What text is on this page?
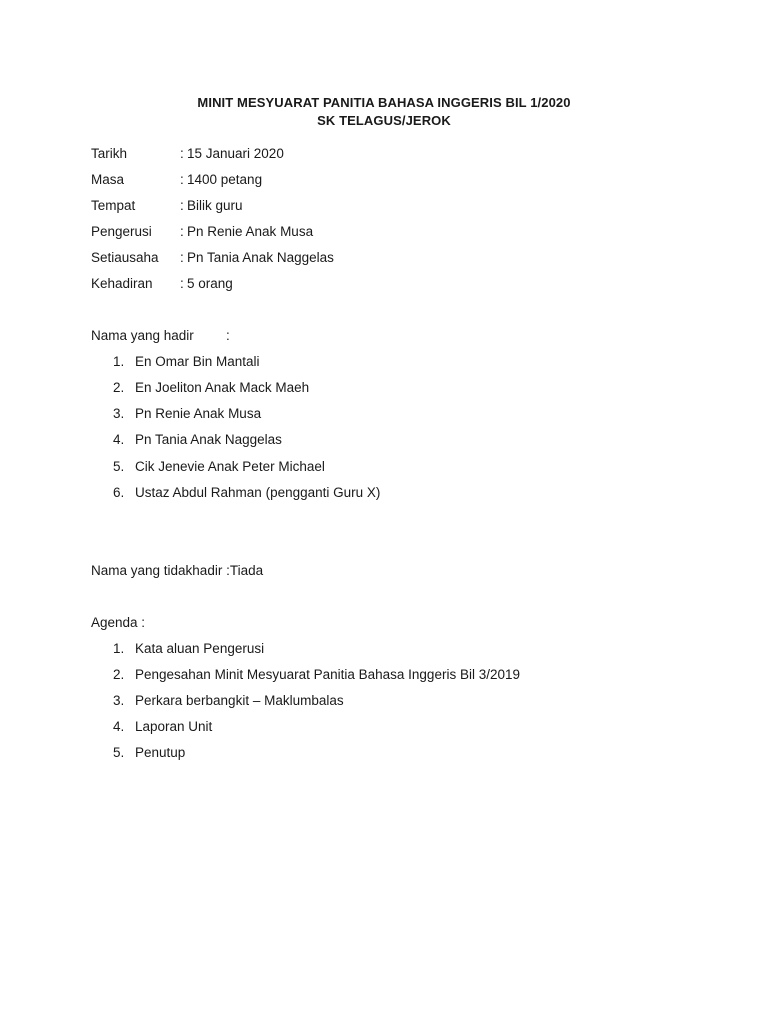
MINIT MESYUARAT PANITIA BAHASA INGGERIS BIL 1/2020
SK TELAGUS/JEROK
Tarikh	: 15 Januari 2020
Masa	: 1400 petang
Tempat	: Bilik guru
Pengerusi : Pn Renie Anak Musa
Setiausaha : Pn Tania Anak Naggelas
Kehadiran : 5 orang
Nama yang hadir :
1. En Omar Bin Mantali
2. En Joeliton Anak Mack Maeh
3. Pn Renie Anak Musa
4. Pn Tania Anak Naggelas
5. Cik Jenevie Anak Peter Michael
6. Ustaz Abdul Rahman (pengganti Guru X)
Nama yang tidakhadir :Tiada
Agenda :
1. Kata aluan Pengerusi
2. Pengesahan Minit Mesyuarat Panitia Bahasa Inggeris Bil 3/2019
3. Perkara berbangkit – Maklumbalas
4. Laporan Unit
5. Penutup
